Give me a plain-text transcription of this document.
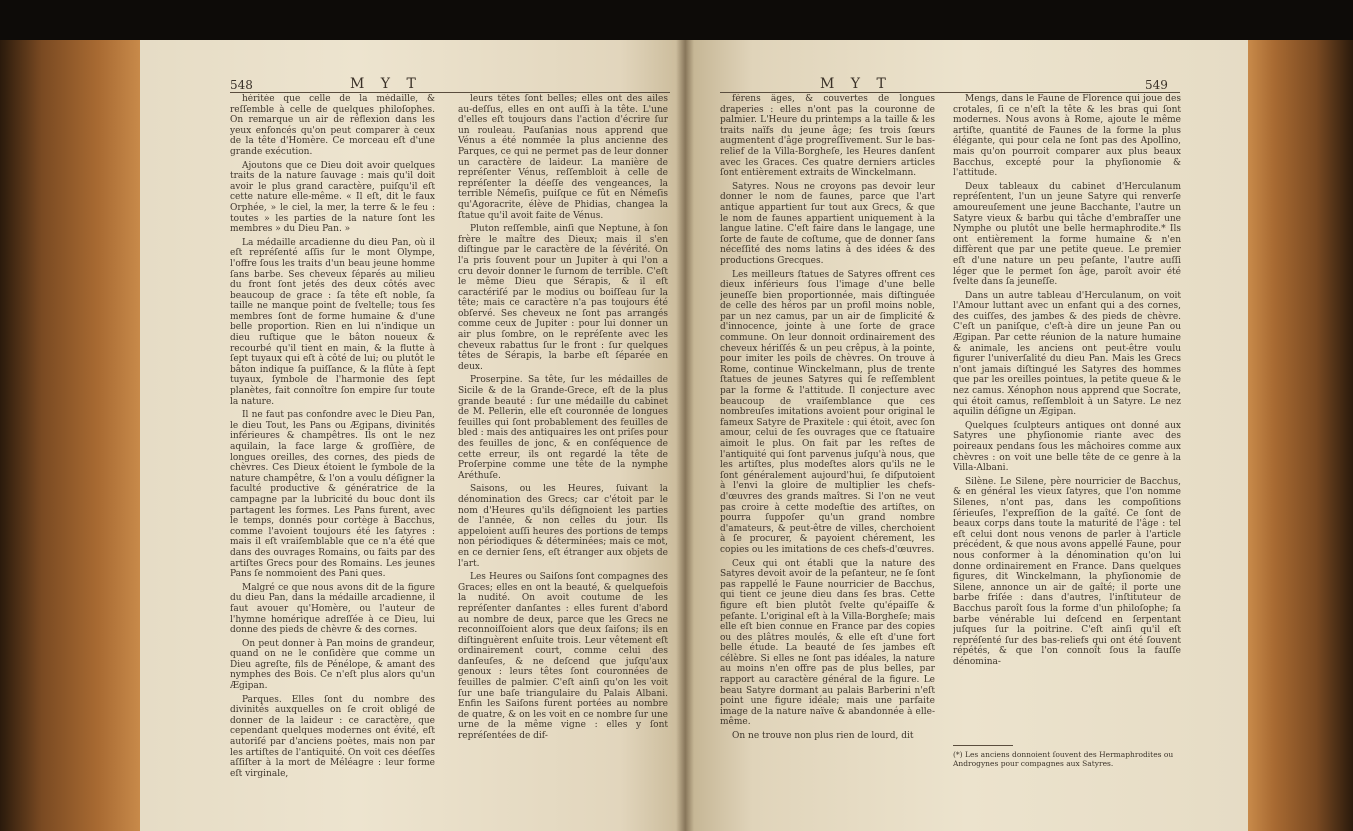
548	M Y T

héritée que celle de la médaille, & reſſemble à celle de quelques philoſophes. On remarque un air de réflexion dans les yeux enfoncés qu'on peut comparer à ceux de la tête d'Homère. Ce morceau eſt d'une grande exécution.

Ajoutons que ce Dieu doit avoir quelques traits de la nature ſauvage : mais qu'il doit avoir le plus grand caractère, puiſqu'il eſt cette nature elle-même. « Il eſt, dit le faux Orphée, » le ciel, la mer, la terre & le feu : toutes » les parties de la nature ſont les membres » du Dieu Pan. »

La médaille arcadienne du dieu Pan, où il eſt repréſenté aſſis ſur le mont Olympe, l'offre ſous les traits d'un beau jeune homme ſans barbe. Ses cheveux ſéparés au milieu du front ſont jetés des deux côtés avec beaucoup de grace : ſa tête eſt noble, ſa taille ne manque point de ſveltelle; tous ſes membres ſont de forme humaine & d'une belle proportion. Rien en lui n'indique un dieu ruſtique que le bâton noueux & recourbé qu'il tient en main, & la flutte à ſept tuyaux qui eſt à côté de lui; ou plutôt le bâton indique ſa puiſſance, & la flûte à ſept tuyaux, ſymbole de l'harmonie des ſept planètes, fait connoître ſon empire ſur toute la nature.

Il ne faut pas confondre avec le Dieu Pan, le dieu Tout, les Pans ou Ægipans, divinités inférieures & champêtres. Ils ont le nez aquilain, la face large & groſſière, de longues oreilles, des cornes, des pieds de chèvres. Ces Dieux étoient le ſymbole de la nature champêtre, & l'on a voulu déſigner la faculté productive & génératrice de la campagne par la lubricité du bouc dont ils partagent les formes. Les Pans furent, avec le temps, donnés pour cortège à Bacchus, comme l'avoient toujours été les ſatyres : mais il eſt vraiſemblable que ce n'a été que dans des ouvrages Romains, ou faits par des artiſtes Grecs pour des Romains. Les jeunes Pans ſe nommoient des Pani ques.

Malgré ce que nous avons dit de la figure du dieu Pan, dans la médaille arcadienne, il faut avouer qu'Homère, ou l'auteur de l'hymne homérique adreſſée à ce Dieu, lui donne des pieds de chèvre & des cornes.

On peut donner à Pan moins de grandeur, quand on ne le conſidère que comme un Dieu agreſte, fils de Pénélope, & amant des nymphes des Bois. Ce n'eſt plus alors qu'un Ægipan.

Parques. Elles ſont du nombre des divinités auxquelles on ſe croit obligé de donner de la laideur : ce caractère, que cependant quelques modernes ont évité, eſt autoriſé par d'anciens poètes, mais non par les artiſtes de l'antiquité. On voit ces déeſſes aſſiſter à la mort de Méléagre : leur forme eſt virginale,

leurs têtes ſont belles; elles ont des ailes au-deſſus, elles en ont auſſi à la tête. L'une d'elles eſt toujours dans l'action d'écrire ſur un rouleau. Pauſanias nous apprend que Vénus a été nommée la plus ancienne des Parques, ce qui ne permet pas de leur donner un caractère de laideur. La manière de repréſenter Vénus, reſſembloit à celle de repréſenter la déeſſe des vengeances, la terrible Némeſis, puiſque ce fût en Némeſis qu'Agoracrite, élève de Phidias, changea la ſtatue qu'il avoit faite de Vénus.

Pluton reſſemble, ainſi que Neptune, à ſon frère le maître des Dieux; mais il s'en diſtingue par le caractère de la ſévérité. On l'a pris ſouvent pour un Jupiter à qui l'on a cru devoir donner le ſurnom de terrible. C'eſt le même Dieu que Sérapis, & il eſt caractériſé par le modius ou boiſſeau ſur la tête; mais ce caractère n'a pas toujours été obſervé. Ses cheveux ne ſont pas arrangés comme ceux de Jupiter : pour lui donner un air plus ſombre, on le repréſente avec les cheveux rabattus ſur le front : ſur quelques têtes de Sérapis, la barbe eſt ſéparée en deux.

Proserpine. Sa tête, ſur les médailles de Sicile & de la Grande-Grece, eſt de la plus grande beauté : ſur une médaille du cabinet de M. Pellerin, elle eſt couronnée de longues feuilles qui ſont probablement des feuilles de bled : mais des antiquaires les ont priſes pour des feuilles de jonc, & en conſéquence de cette erreur, ils ont regardé la tête de Proſerpine comme une tête de la nymphe Aréthuſe.

Saisons, ou les Heures, ſuivant la dénomination des Grecs; car c'étoit par le nom d'Heures qu'ils déſignoient les parties de l'année, & non celles du jour. Ils appeloient auſſi heures des portions de temps non périodiques & déterminées; mais ce mot, en ce dernier ſens, eſt étranger aux objets de l'art.

Les Heures ou Saiſons ſont compagnes des Graces; elles en ont la beauté, & quelquefois la nudité. On avoit coutume de les repréſenter danſantes : elles furent d'abord au nombre de deux, parce que les Grecs ne reconnoiſſoient alors que deux ſaiſons; ils en diſtinguèrent enſuite trois. Leur vêtement eſt ordinairement court, comme celui des danſeuſes, & ne deſcend que juſqu'aux genoux : leurs têtes ſont couronnées de feuilles de palmier. C'eſt ainſi qu'on les voit ſur une baſe triangulaire du Palais Albani. Enfin les Saiſons furent portées au nombre de quatre, & on les voit en ce nombre ſur une urne de la même vigne : elles y ſont repréſentées de dif-

M Y T	549

férens âges, & couvertes de longues draperies : elles n'ont pas la couronne de palmier. L'Heure du printemps a la taille & les traits naïfs du jeune âge; ſes trois ſœurs augmentent d'âge progreſſivement. Sur le bas-relief de la Villa-Borgheſe, les Heures danſent avec les Graces. Ces quatre derniers articles ſont entièrement extraits de Winckelmann.

Satyres. Nous ne croyons pas devoir leur donner le nom de faunes, parce que l'art antique appartient ſur tout aux Grecs, & que le nom de faunes appartient uniquement à la langue latine. C'eſt faire dans le langage, une ſorte de faute de coſtume, que de donner ſans néceſſité des noms latins à des idées & des productions Grecques.

Les meilleurs ſtatues de Satyres offrent ces dieux inférieurs ſous l'image d'une belle jeuneſſe bien proportionnée, mais diſtinguée de celle des héros par un profil moins noble, par un nez camus, par un air de ſimplicité & d'innocence, jointe à une ſorte de grace commune. On leur donnoit ordinairement des cheveux hériſſés & un peu crêpus, à la pointe, pour imiter les poils de chèvres. On trouve à Rome, continue Winckelmann, plus de trente ſtatues de jeunes Satyres qui ſe reſſemblent par la forme & l'attitude. Il conjecture avec beaucoup de vraiſemblance que ces nombreuſes imitations avoient pour original le fameux Satyre de Praxitele : qui étoit, avec ſon amour, celui de ſes ouvrages que ce ſtatuaire aimoit le plus. On fait par les reſtes de l'antiquité qui ſont parvenus juſqu'à nous, que les artiſtes, plus modeſtes alors qu'ils ne le ſont généralement aujourd'hui, ſe diſputoient à l'envi la gloire de multiplier les chefs-d'œuvres des grands maîtres. Si l'on ne veut pas croire à cette modeſtie des artiſtes, on pourra ſuppoſer qu'un grand nombre d'amateurs, & peut-être de villes, cherchoient à ſe procurer, & payoient chérement, les copies ou les imitations de ces chefs-d'œuvres.

Ceux qui ont établi que la nature des Satyres devoit avoir de la peſanteur, ne ſe ſont pas rappellé le Faune nourricier de Bacchus, qui tient ce jeune dieu dans ſes bras. Cette figure eſt bien plutôt ſvelte qu'épaiſſe & peſante. L'original eſt à la Villa-Borgheſe; mais elle eſt bien connue en France par des copies ou des plâtres moulés, & elle eſt d'une fort belle étude. La beauté de ſes jambes eſt célèbre. Si elles ne ſont pas idéales, la nature au moins n'en offre pas de plus belles, par rapport au caractère général de la figure. Le beau Satyre dormant au palais Barberini n'eſt point une figure idéale; mais une parfaite image de la nature naïve & abandonnée à elle-même.

On ne trouve non plus rien de lourd, dit

Mengs, dans le Faune de Florence qui joue des crotales, ſi ce n'eſt la tête & les bras qui ſont modernes. Nous avons à Rome, ajoute le même artiſte, quantité de Faunes de la forme la plus élégante, qui pour cela ne ſont pas des Apollino, mais qu'on pourroit comparer aux plus beaux Bacchus, excepté pour la phyſionomie & l'attitude.

Deux tableaux du cabinet d'Herculanum repréſentent, l'un un jeune Satyre qui renverſe amoureuſement une jeune Bacchante, l'autre un Satyre vieux & barbu qui tâche d'embraſſer une Nymphe ou plutôt une belle hermaphrodite.* Ils ont entièrement la forme humaine & n'en diffèrent que par une petite queue. Le premier eſt d'une nature un peu peſante, l'autre auſſi léger que le permet ſon âge, paroît avoir été ſvelte dans ſa jeuneſſe.

Dans un autre tableau d'Herculanum, on voit l'Amour luttant avec un enfant qui a des cornes, des cuiſſes, des jambes & des pieds de chèvre. C'eſt un paniſque, c'eſt-à dire un jeune Pan ou Ægipan. Par cette réunion de la nature humaine & animale, les anciens ont peut-être voulu figurer l'univerſalité du dieu Pan. Mais les Grecs n'ont jamais diſtingué les Satyres des hommes que par les oreilles pointues, la petite queue & le nez camus. Xénophon nous apprend que Socrate, qui étoit camus, reſſembloit à un Satyre. Le nez aquilin déſigne un Ægipan.

Quelques ſculpteurs antiques ont donné aux Satyres une phyſionomie riante avec des poireaux pendans ſous les mâchoires comme aux chèvres : on voit une belle tête de ce genre à la Villa-Albani.

Silène. Le Silene, père nourricier de Bacchus, & en général les vieux ſatyres, que l'on nomme Silenes, n'ont pas, dans les compoſitions ſérieuſes, l'expreſſion de la gaîté. Ce ſont de beaux corps dans toute la maturité de l'âge : tel eſt celui dont nous venons de parler à l'article précédent, & que nous avons appellé Faune, pour nous conformer à la dénomination qu'on lui donne ordinairement en France. Dans quelques figures, dit Winckelmann, la phyſionomie de Silene, annonce un air de gaîté; il porte une barbe friſée : dans d'autres, l'inſtituteur de Bacchus paroît ſous la forme d'un philoſophe; ſa barbe vénérable lui deſcend en ſerpentant juſques ſur la poitrine. C'eſt ainſi qu'il eſt repréſenté ſur des bas-reliefs qui ont été ſouvent répétés, & que l'on connoît ſous la fauſſe dénomina-

(*) Les anciens donnoient ſouvent des Hermaphrodites ou Androgynes pour compagnes aux Satyres.
